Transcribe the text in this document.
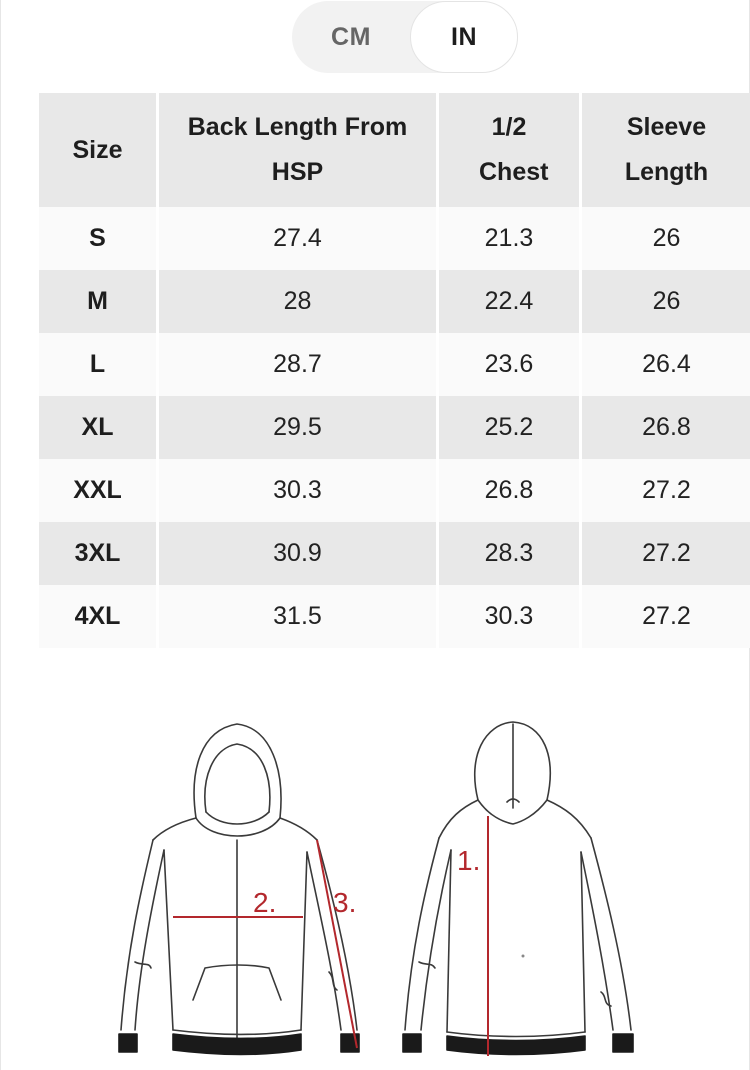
CM	IN
Size	Back Length From HSP	1/2 Chest	Sleeve Length
S	27.4	21.3	26
M	28	22.4	26
L	28.7	23.6	26.4
XL	29.5	25.2	26.8
XXL	30.3	26.8	27.2
3XL	30.9	28.3	27.2
4XL	31.5	30.3	27.2
2. 3.
1.
